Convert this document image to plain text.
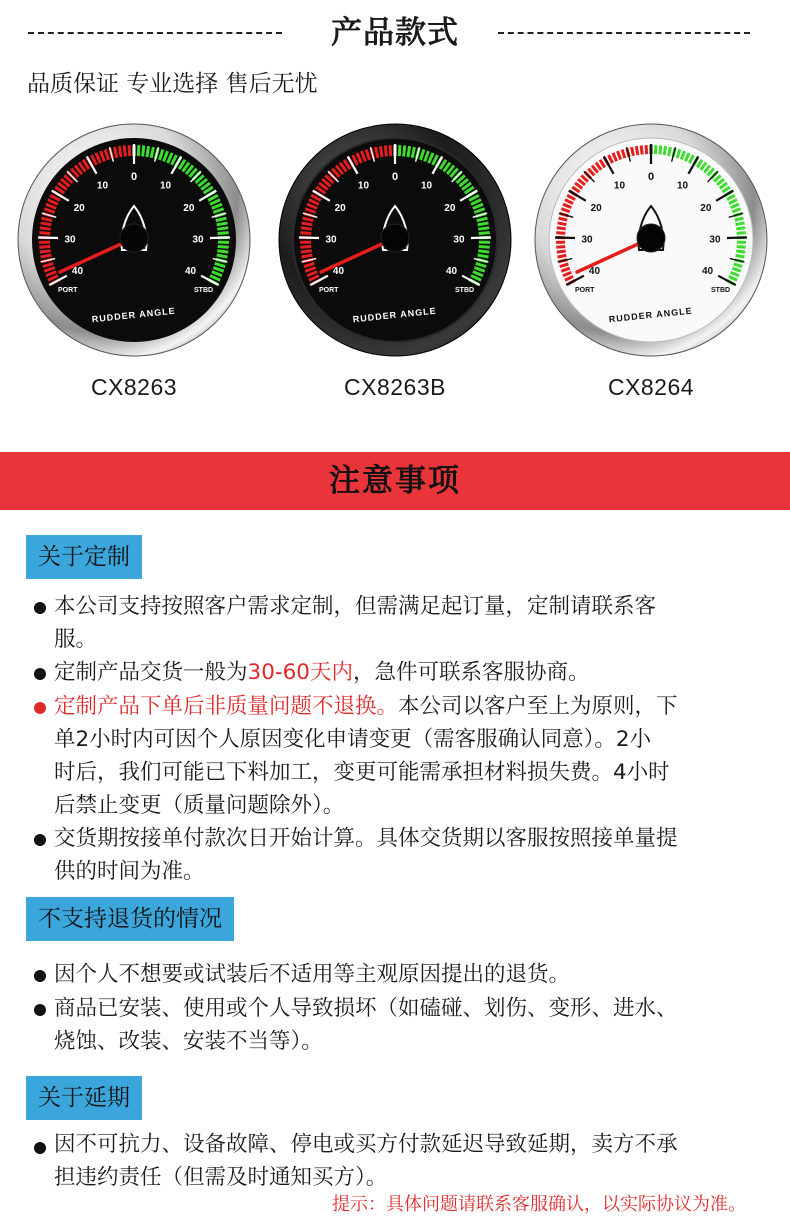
产品款式
品质保证 专业选择 售后无忧
0
10
10
20
20
30
30
40
40
PORT	STBD
RUDDER ANGLE
CX8263
0
10
10
20
20
30
30
40
40
PORT	STBD
RUDDER ANGLE
CX8263B
0
10
10
20
20
30
30
40
40
PORT	STBD
RUDDER ANGLE
CX8264
注意事项
关于定制
本公司支持按照客户需求定制，但需满足起订量，定制请联系客
服。
定制产品交货一般为30-60天内，急件可联系客服协商。
定制产品下单后非质量问题不退换。本公司以客户至上为原则，下
单2小时内可因个人原因变化申请变更（需客服确认同意）。2小
时后，我们可能已下料加工，变更可能需承担材料损失费。4小时
后禁止变更（质量问题除外）。
交货期按接单付款次日开始计算。具体交货期以客服按照接单量提
供的时间为准。
不支持退货的情况
因个人不想要或试装后不适用等主观原因提出的退货。
商品已安装、使用或个人导致损坏（如磕碰、划伤、变形、进水、
烧蚀、改装、安装不当等）。
关于延期
因不可抗力、设备故障、停电或买方付款延迟导致延期，卖方不承
担违约责任（但需及时通知买方）。
提示：具体问题请联系客服确认，以实际协议为准。
